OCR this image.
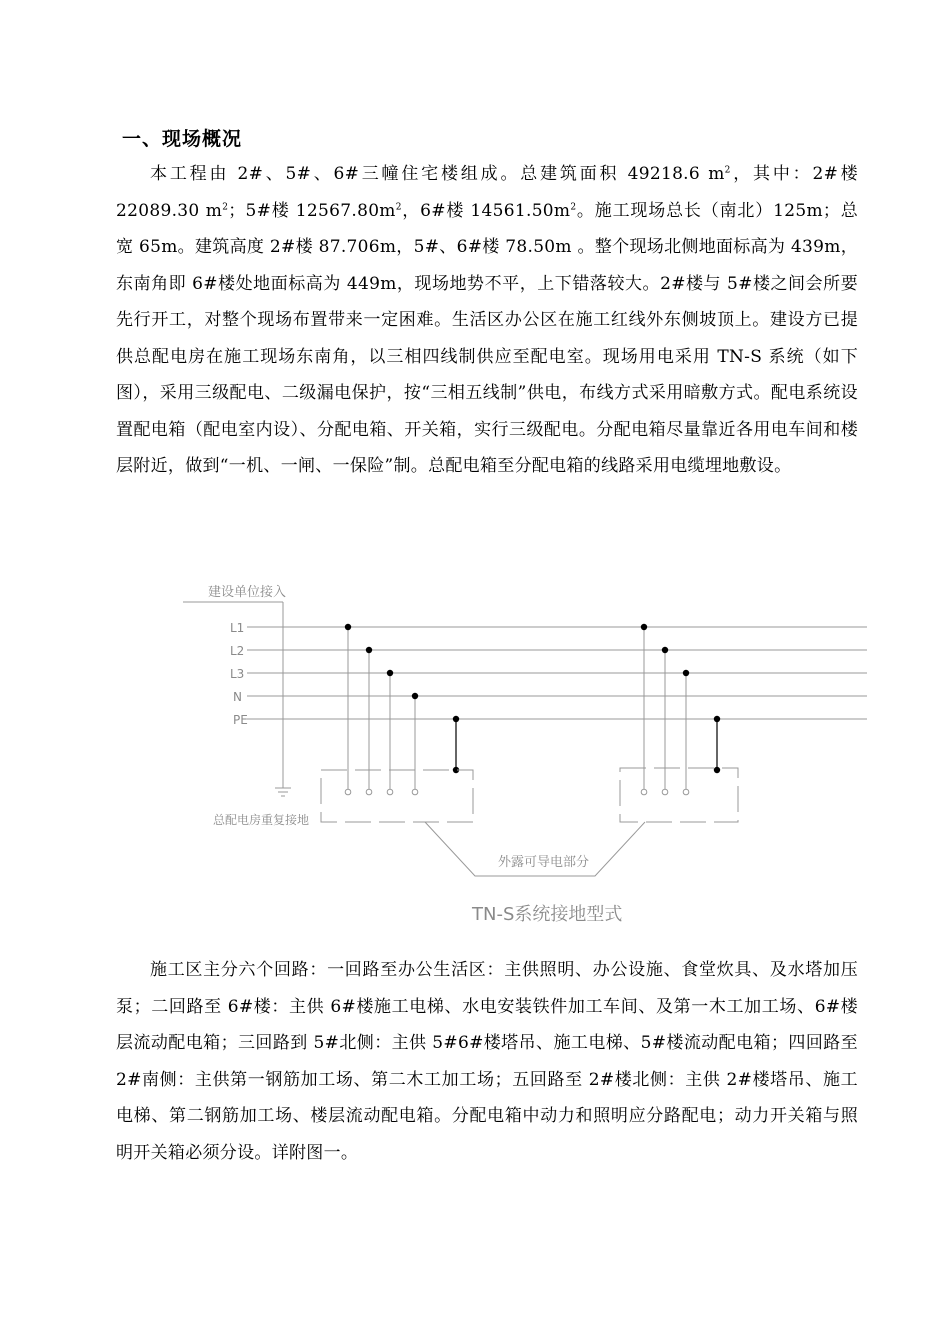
一、现场概况
本工程由 2#、5#、6#三幢住宅楼组成。总建筑面积 49218.6 $m^2$，其中：2#楼 22089.30 $m^2$；5#楼 $12567.80m^2$，6#楼 $14561.50m^2$。施工现场总长（南北）125m；总宽 65m。建筑高度 2#楼 87.706m，5#、6#楼 78.50m 。整个现场北侧地面标高为 439m，东南角即 6#楼处地面标高为 449m，现场地势不平，上下错落较大。2#楼与 5#楼之间会所要先行开工，对整个现场布置带来一定困难。生活区办公区在施工红线外东侧坡顶上。建设方已提供总配电房在施工现场东南角，以三相四线制供应至配电室。现场用电采用 TN-S 系统（如下图），采用三级配电、二级漏电保护，按“三相五线制”供电，布线方式采用暗敷方式。配电系统设置配电箱（配电室内设）、分配电箱、开关箱，实行三级配电。分配电箱尽量靠近各用电车间和楼层附近，做到“一机、一闸、一保险”制。总配电箱至分配电箱的线路采用电缆埋地敷设。
建设单位接入
L1
L2
L3
N
PE
总配电房重复接地
外露可导电部分
TN-S系统接地型式
施工区主分六个回路：一回路至办公生活区：主供照明、办公设施、食堂炊具、及水塔加压泵；二回路至 6#楼：主供 6#楼施工电梯、水电安装铁件加工车间、及第一木工加工场、6#楼层流动配电箱；三回路到 5#北侧：主供 5#6#楼塔吊、施工电梯、5#楼流动配电箱；四回路至 2#南侧：主供第一钢筋加工场、第二木工加工场；五回路至 2#楼北侧：主供 2#楼塔吊、施工电梯、第二钢筋加工场、楼层流动配电箱。分配电箱中动力和照明应分路配电；动力开关箱与照明开关箱必须分设。详附图一。
